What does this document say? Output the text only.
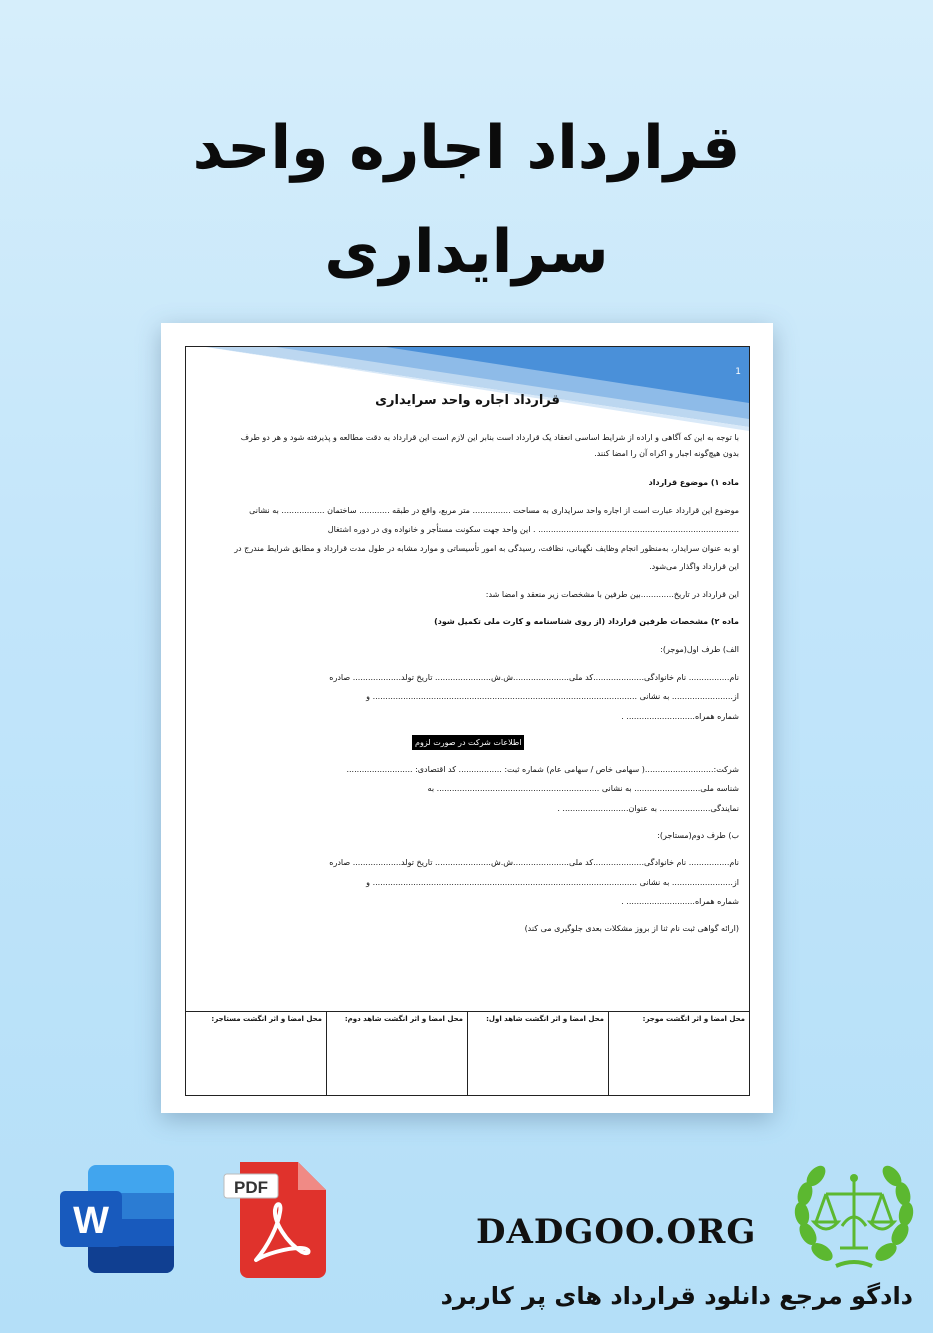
قرارداد اجاره واحد
سرایداری
1
قرارداد اجاره واحد سرایداری
با توجه به این که آگاهی و اراده از شرایط اساسی انعقاد یک قرارداد است بنابر این لازم است این قرارداد به دقت مطالعه و پذیرفته شود و هر دو طرف
بدون هیچ‌گونه اجبار و اکراه آن را امضا کنند.
ماده ۱) موضوع قرارداد
موضوع این قرارداد عبارت است از اجاره واحد سرایداری به مساحت ............... متر مربع، واقع در طبقه ............ ساختمان ................. به نشانی
............................................................................... . این واحد جهت سکونت مستأجر و خانواده وی در دوره اشتغال
او به عنوان سرایدار، به‌منظور انجام وظایف نگهبانی، نظافت، رسیدگی به امور تأسیساتی و موارد مشابه در طول مدت قرارداد و مطابق شرایط مندرج در
این قرارداد واگذار می‌شود.
این قرارداد در تاریخ.............بین طرفین با مشخصات زیر منعقد و امضا شد:
ماده ۲) مشخصات طرفین قرارداد (از روی شناسنامه و کارت ملی تکمیل شود)
الف) طرف اول(موجر):
نام................ نام خانوادگی....................کد ملی......................ش.ش...................... تاریخ تولد................... صادره
از........................ به نشانی ........................................................................................................ و
شماره همراه........................... .
اطلاعات شرکت در صورت لزوم
شرکت:...........................( سهامی خاص / سهامی عام) شماره ثبت: ................. کد اقتصادی: ..........................
شناسه ملی.......................... به نشانی ................................................................ به
نمایندگی.................... به عنوان.......................... .
ب) طرف دوم(مستاجر):
نام................ نام خانوادگی....................کد ملی......................ش.ش...................... تاریخ تولد................... صادره
از........................ به نشانی ........................................................................................................ و
شماره همراه........................... .
(ارائه گواهی ثبت نام ثنا از بروز مشکلات بعدی جلوگیری می کند)
محل امضا و اثر انگشت موجر:
محل امضا و اثر انگشت شاهد اول:
محل امضا و اثر انگشت شاهد دوم:
محل امضا و اثر انگشت مستاجر:
W
PDF
DADGOO.ORG
دادگو مرجع دانلود قرارداد های پر کاربرد
